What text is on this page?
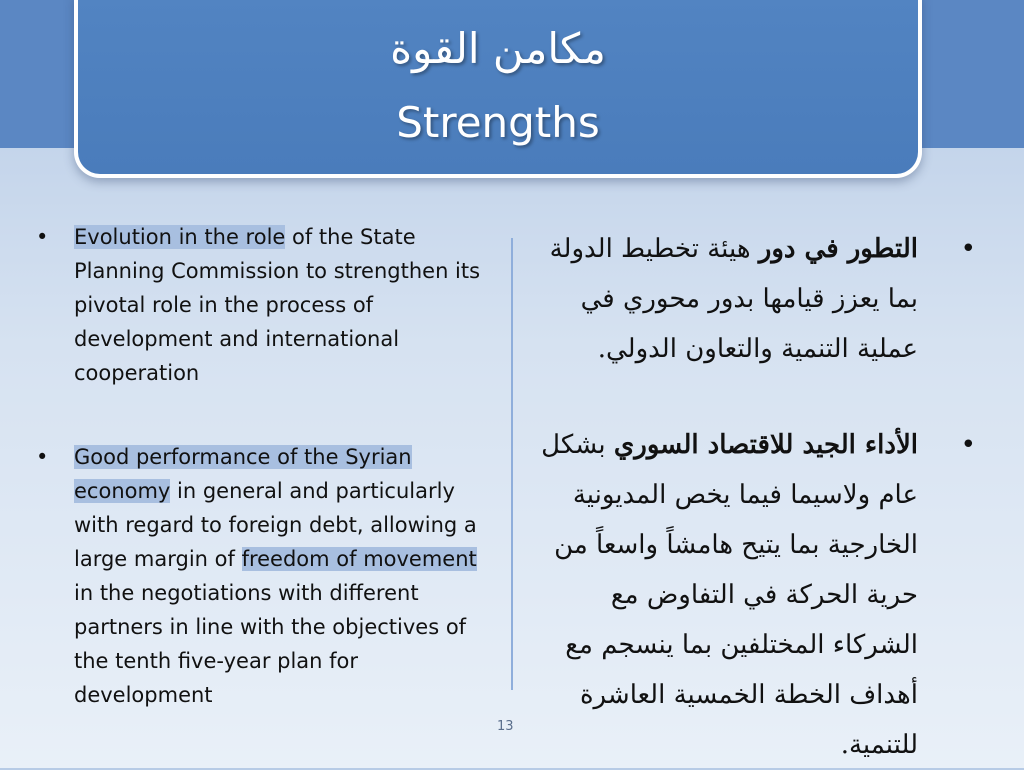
مكامن القوة
Strengths

• Evolution in the role of the State Planning Commission to strengthen its pivotal role in the process of development and international cooperation

• Good performance of the Syrian economy in general and particularly with regard to foreign debt, allowing a large margin of freedom of movement in the negotiations with different partners in line with the objectives of the tenth five-year plan for development

•
التطور في دور هيئة تخطيط الدولة بما يعزز قيامها بدور محوري في عملية التنمية والتعاون الدولي.

•
الأداء الجيد للاقتصاد السوري بشكل عام ولاسيما فيما يخص المديونية الخارجية بما يتيح هامشاً واسعاً من حرية الحركة في التفاوض مع الشركاء المختلفين بما ينسجم مع أهداف الخطة الخمسية العاشرة للتنمية.

13
